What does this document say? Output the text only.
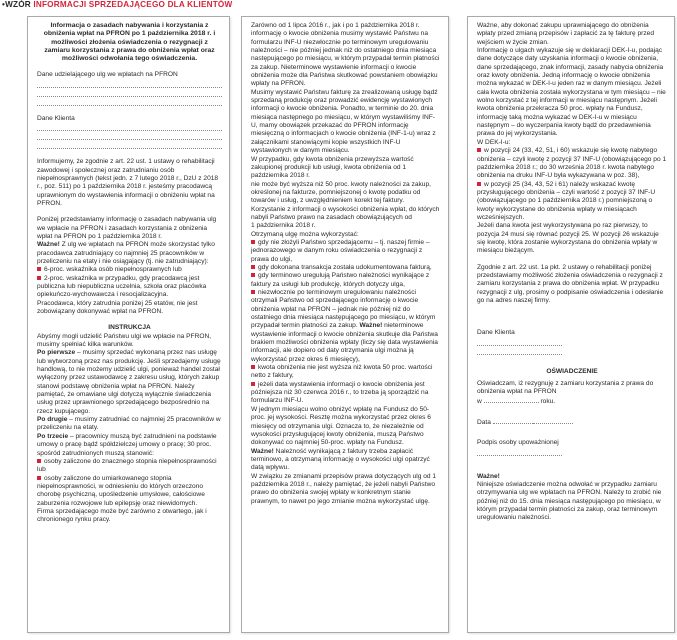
•WZÓR INFORMACJI SPRZEDAJĄCEGO DLA KLIENTÓW

Informacja o zasadach nabywania i korzystania z obniżenia wpłat na PFRON po 1 października 2018 r. i możliwości złożenia oświadczenia o rezygnacji z zamiaru korzystania z prawa do obniżenia wpłat oraz możliwości odwołania tego oświadczenia.

Dane udzielającego ulg we wpłatach na PFRON

Dane Klienta

Informujemy, że zgodnie z art. 22 ust. 1 ustawy o rehabilitacji zawodowej i społecznej oraz zatrudnianiu osób niepełnosprawnych (tekst jedn. z 7 lutego 2018 r., DzU z 2018 r., poz. 511) po 1 października 2018 r. jesteśmy pracodawcą uprawnionym do wystawienia informacji o obniżeniu wpłat na PFRON.

Poniżej przedstawiamy informację o zasadach nabywania ulg we wpłacie na PFRON i zasadach korzystania z obniżenia wpłat na PFRON po 1 października 2018 r.

Ważne! Z ulg we wpłatach na PFRON może skorzystać tylko pracodawca zatrudniający co najmniej 25 pracowników w przeliczeniu na etaty i nie osiągający (tj. nie zatrudniający):

6-proc. wskaźnika osób niepełnosprawnych lub

2-proc. wskaźnika w przypadku, gdy pracodawcą jest publiczna lub niepubliczna uczelnia, szkoła oraz placówka opiekuńczo-wychowawcza i resocjalizacyjna.

Pracodawca, który zatrudnia poniżej 25 etatów, nie jest zobowiązany dokonywać wpłat na PFRON.

INSTRUKCJA

Abyśmy mogli udzielić Państwu ulgi we wpłacie na PFRON, musimy spełniać kilka warunków.

Po pierwsze – musimy sprzedać wykonaną przez nas usługę lub wytworzoną przez nas produkcję. Jeśli sprzedajemy usługę handlową, to nie możemy udzielić ulgi, ponieważ handel został wyłączony przez ustawodawcę z zakresu usług, których zakup stanowi podstawę obniżenia wpłat na PFRON. Należy pamiętać, że omawiane ulgi dotyczą wyłącznie świadczenia usług przez uprawnionego sprzedającego bezpośrednio na rzecz kupującego.

Po drugie – musimy zatrudniać co najmniej 25 pracowników w przeliczeniu na etaty.

Po trzecie – pracownicy muszą być zatrudnieni na podstawie umowy o pracę bądź spółdzielczej umowy o pracę; 30 proc. spośród zatrudnionych muszą stanowić:

osoby zaliczone do znacznego stopnia niepełnosprawności lub

osoby zaliczone do umiarkowanego stopnia niepełnosprawności, w odniesieniu do których orzeczono chorobę psychiczną, upośledzenie umysłowe, całościowe zaburzenia rozwojowe lub epilepsję oraz niewidomych.

Firma sprzedającego może być zarówno z otwartego, jak i chronionego rynku pracy.

Zarówno od 1 lipca 2016 r., jak i po 1 października 2018 r. informację o kwocie obniżenia musimy wystawić Państwu na formularzu INF-U niezwłocznie po terminowym uregulowaniu należności – nie później jednak niż do ostatniego dnia miesiąca następującego po miesiącu, w którym przypadał termin płatności za zakup. Nieterminowe wystawienie informacji o kwocie obniżenia może dla Państwa skutkować powstaniem obowiązku wpłaty na PFRON.

Musimy wystawić Państwu fakturę za zrealizowaną usługę bądź sprzedaną produkcję oraz prowadzić ewidencję wystawionych informacji o kwocie obniżenia. Ponadto, w terminie do 20. dnia miesiąca następnego po miesiącu, w którym wystawiliśmy INF-U, mamy obowiązek przekazać do PFRON informację miesięczną o informacjach o kwocie obniżenia (INF-1-u) wraz z załącznikami stanowiącymi kopie wszystkich INF-U wystawionych w danym miesiącu.

W przypadku, gdy kwota obniżenia przewyższa wartość zakupionej produkcji lub usługi, kwota obniżenia od 1 października 2018 r.

nie może być wyższa niż 50 proc. kwoty należności za zakup, określonej na fakturze, pomniejszonej o kwotę podatku od towarów i usług, z uwzględnieniem korekt tej faktury.

Korzystanie z informacji o wysokości obniżenia wpłat, do których nabyli Państwo prawo na zasadach obowiązujących od

1 października 2018 r.

Otrzymaną ulgę można wykorzystać:

gdy nie złożyli Państwo sprzedającemu – tj. naszej firmie – jednorazowego w danym roku oświadczenia o rezygnacji z prawa do ulgi,

gdy dokonana transakcja została udokumentowana fakturą,

gdy terminowo uregulują Państwo należności wynikające z faktury za usługi lub produkcję, których dotyczy ulga,

niezwłocznie po terminowym uregulowaniu należności otrzymali Państwo od sprzedającego informację o kwocie obniżenia wpłat na PFRON – jednak nie później niż do ostatniego dnia miesiąca następującego po miesiącu, w którym przypadał termin płatności za zakup. Ważne! nieterminowe wystawienie informacji o kwocie obniżenia skutkuje dla Państwa brakiem możliwości obniżenia wpłaty (liczy się data wystawienia informacji, ale dopiero od daty otrzymania ulgi można ją wykorzystać przez okres 6 miesięcy),

kwota obniżenia nie jest wyższa niż kwota 50 proc. wartości netto z faktury,

jeżeli data wystawienia informacji o kwocie obniżenia jest późniejsza niż 30 czerwca 2016 r., to trzeba ją sporządzić na formularzu INF-U.

W jednym miesiącu wolno obniżyć wpłatę na Fundusz do 50-proc. jej wysokości. Resztę można wykorzystać przez okres 6 miesięcy od otrzymania ulgi. Oznacza to, że niezależnie od wysokości przysługującej kwoty obniżenia, muszą Państwo dokonywać co najmniej 50-proc. wpłaty na Fundusz.

Ważne! Należność wynikającą z faktury trzeba zapłacić terminowo, a otrzymaną informację o wysokości ulgi opatrzyć datą wpływu.

W związku ze zmianami przepisów prawa dotyczących ulg od 1 października 2018 r., należy pamiętać, że jeżeli nabyli Państwo prawo do obniżenia swojej wpłaty w konkretnym stanie prawnym, to nawet po jego zmianie można wykorzystać ulgę.

Ważne, aby dokonać zakupu uprawniającego do obniżenia wpłaty przed zmianą przepisów i zapłacić za tę fakturę przed wejściem w życie zmian.

Informację o ulgach wykazuje się w deklaracji DEK-I-u, podając dane dotyczące daty uzyskania informacji o kwocie obniżenia, dane sprzedającego, znak informacji, zasady nabycia obniżenia oraz kwoty obniżenia. Jedną informację o kwocie obniżenia można wykazać w DEK-I-u jeden raz w danym miesiącu. Jeżeli cała kwota obniżenia została wykorzystana w tym miesiącu – nie wolno korzystać z tej informacji w miesiącu następnym. Jeżeli kwota obniżenia przekracza 50 proc. wpłaty na Fundusz, informację taką można wykazać w DEK-I-u w miesiącu następnym – do wyczerpania kwoty bądź do przedawnienia prawa do jej wykorzystania.

W DEK-I-u:

w pozycji 24 (33, 42, 51, i 60) wskazuje się kwotę nabytego obniżenia – czyli kwotę z pozycji 37 INF-U (obowiązującego po 1 października 2018 r.; do 30 września 2018 r. kwota nabytego obniżenia na druku INF-U była wykazywana w poz. 38),

w pozycji 25 (34, 43, 52 i 61) należy wskazać kwotę przysługującego obniżenia – czyli wartość z pozycji 37 INF-U (obowiązującego po 1 października 2018 r.) pomniejszoną o kwoty wykorzystane do obniżenia wpłaty w miesiącach wcześniejszych.

Jeżeli dana kwota jest wykorzystywana po raz pierwszy, to pozycja 24 musi się równać pozycji 25. W pozycji 26 wskazuje się kwotę, która zostanie wykorzystana do obniżenia wpłaty w miesiącu bieżącym.

Zgodnie z art. 22 ust. 1a pkt. 2 ustawy o rehabilitacji poniżej przedstawiamy możliwość złożenia oświadczenia o rezygnacji z zamiaru korzystania z prawa do obniżenia wpłat. W przypadku rezygnacji z ulg, prosimy o podpisanie oświadczenia i odesłanie go na adres naszej firmy.

Dane Klienta

OŚWIADCZENIE

Oświadczam, iż rezygnuję z zamiaru korzystania z prawa do obniżenia wpłat na PFRON

w	roku.

Data

Podpis osoby upoważnionej

Ważne!

Niniejsze oświadczenie można odwołać w przypadku zamiaru otrzymywania ulg we wpłatach na PFRON. Należy to zrobić nie później niż do 15. dnia miesiąca następującego po miesiącu, w którym przypadał termin płatności za zakup, oraz terminowym uregulowaniu należności.
